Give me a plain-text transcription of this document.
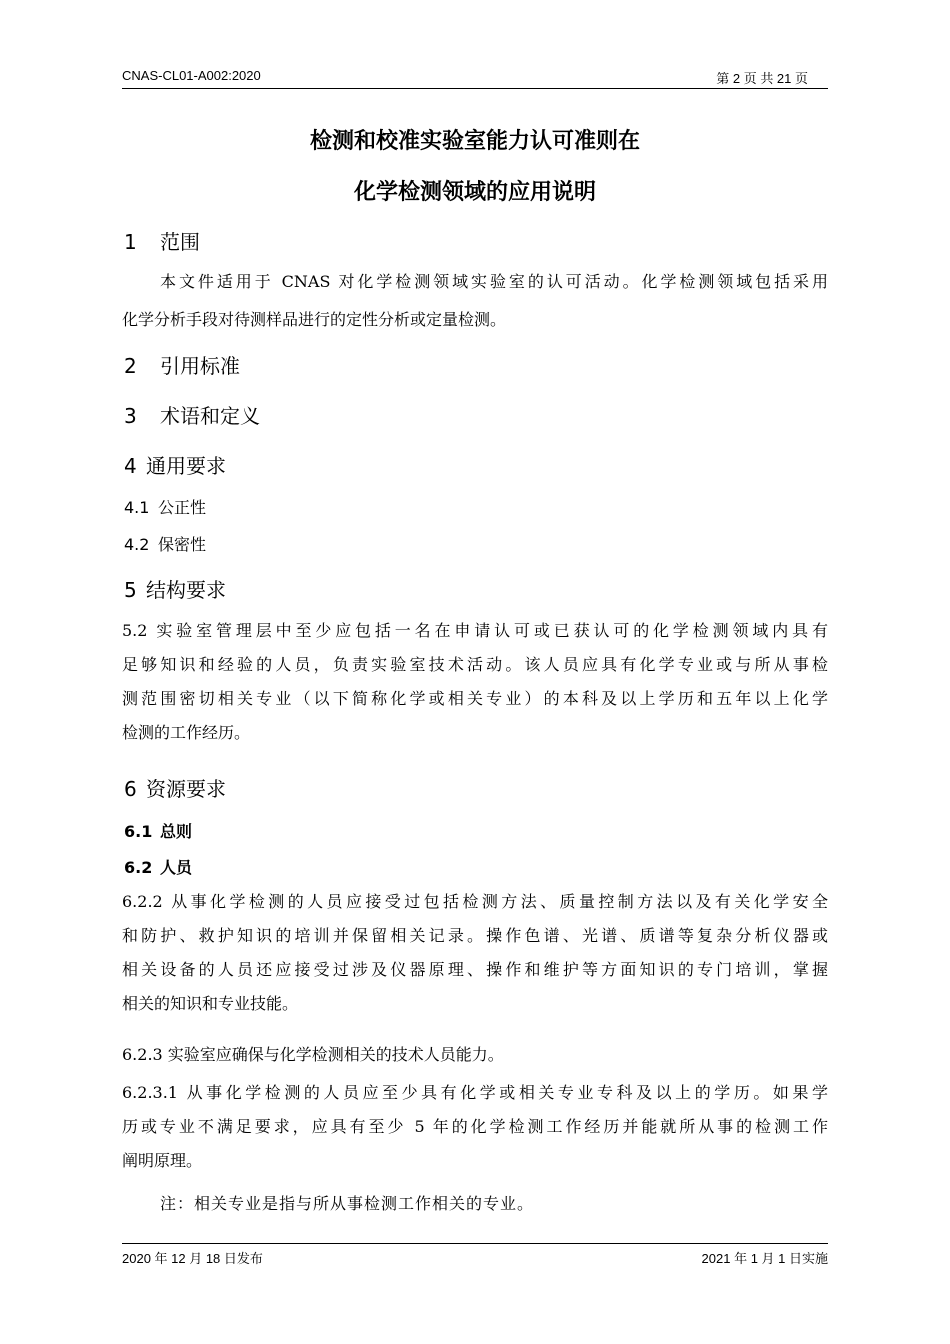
CNAS-CL01-A002:2020	第 2 页 共 21 页
检测和校准实验室能力认可准则在
化学检测领域的应用说明
1 范围
本文件适用于 CNAS 对化学检测领域实验室的认可活动。化学检测领域包括采用
化学分析手段对待测样品进行的定性分析或定量检测。
2 引用标准
3 术语和定义
4 通用要求
4.1 公正性
4.2 保密性
5 结构要求
5.2 实验室管理层中至少应包括一名在申请认可或已获认可的化学检测领域内具有
足够知识和经验的人员，负责实验室技术活动。该人员应具有化学专业或与所从事检
测范围密切相关专业（以下简称化学或相关专业）的本科及以上学历和五年以上化学
检测的工作经历。
6 资源要求
6.1 总则
6.2 人员
6.2.2 从事化学检测的人员应接受过包括检测方法、质量控制方法以及有关化学安全
和防护、救护知识的培训并保留相关记录。操作色谱、光谱、质谱等复杂分析仪器或
相关设备的人员还应接受过涉及仪器原理、操作和维护等方面知识的专门培训，掌握
相关的知识和专业技能。
6.2.3 实验室应确保与化学检测相关的技术人员能力。
6.2.3.1 从事化学检测的人员应至少具有化学或相关专业专科及以上的学历。如果学
历或专业不满足要求，应具有至少 5 年的化学检测工作经历并能就所从事的检测工作
阐明原理。
注：相关专业是指与所从事检测工作相关的专业。
2020 年 12 月 18 日发布	2021 年 1 月 1 日实施
